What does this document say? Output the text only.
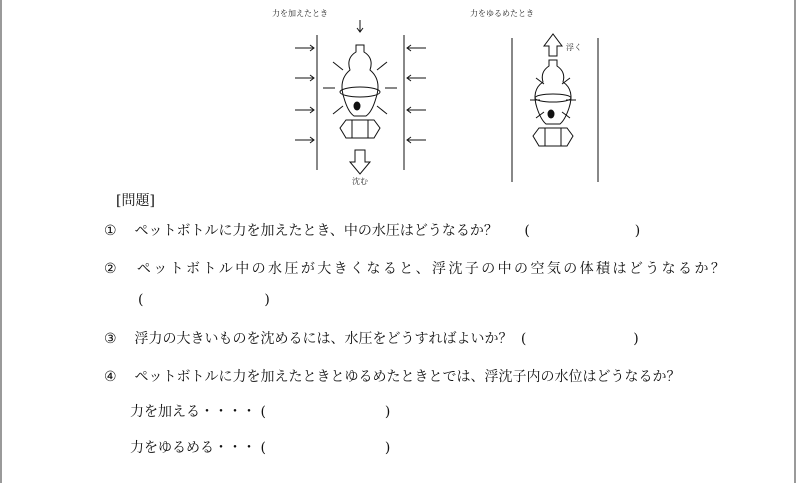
力を加えたとき	力をゆるめたとき
沈む
浮く
[問題]
① ペットボトルに力を加えたとき、中の水圧はどうなるか？ (	)
② ペットボトル中の水圧が大きくなると、浮沈子の中の空気の体積はどうなるか？
(	)
③ 浮力の大きいものを沈めるには、水圧をどうすればよいか？ (	)
④ ペットボトルに力を加えたときとゆるめたときとでは、浮沈子内の水位はどうなるか？
力を加える・・・・ (	)
力をゆるめる・・・ (	)
